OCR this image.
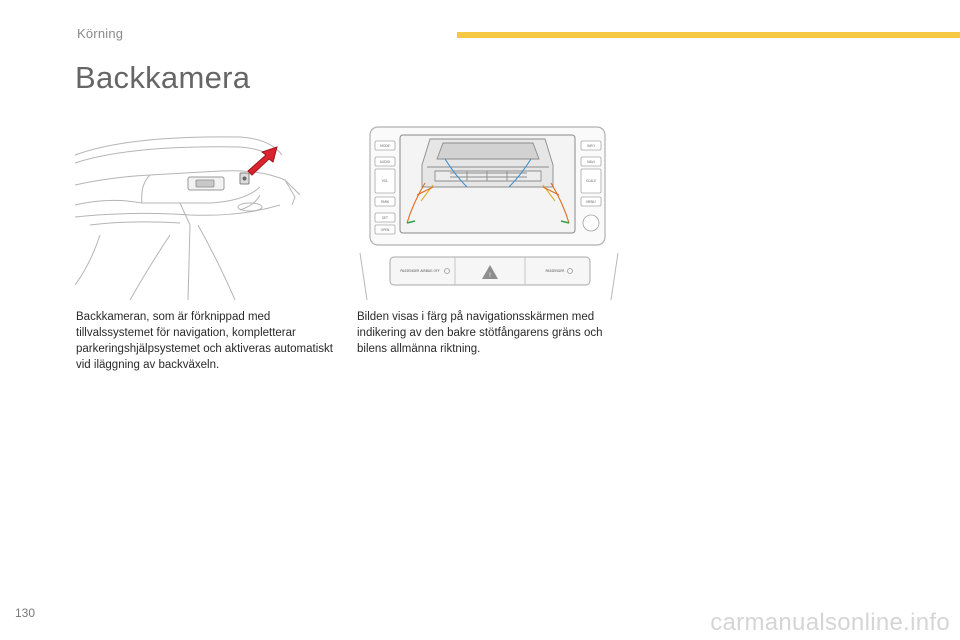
Körning
Backkamera
MODE
AUDIO
VOL
PARK
SET
OPEN
INFO
NAVI
SCALE
MENU
!
PASSENGER AIRBAG OFF	PASSENGER

Backkameran, som är förknippad med tillvalssystemet för navigation, kompletterar parkeringshjälpsystemet och aktiveras automatiskt vid iläggning av backväxeln.

Bilden visas i färg på navigationsskärmen med indikering av den bakre stötfångarens gräns och bilens allmänna riktning.

130	carmanualsonline.info
